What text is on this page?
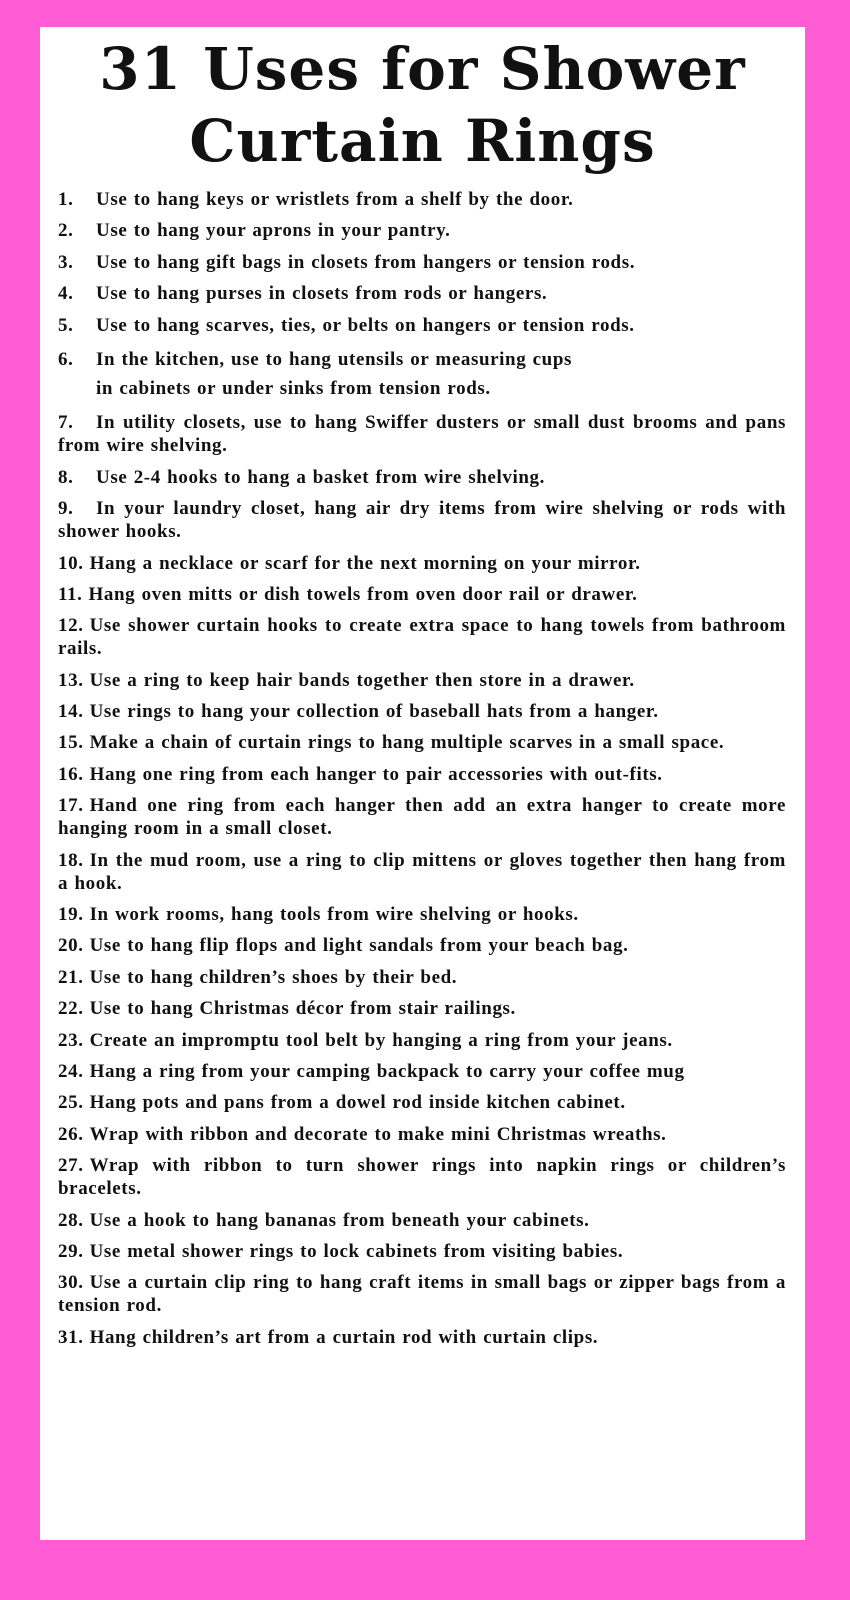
31 Uses for Shower
Curtain Rings
1. Use to hang keys or wristlets from a shelf by the door.
2. Use to hang your aprons in your pantry.
3. Use to hang gift bags in closets from hangers or tension rods.
4. Use to hang purses in closets from rods or hangers.
5. Use to hang scarves, ties, or belts on hangers or tension rods.
6. In the kitchen, use to hang utensils or measuring cups
in cabinets or under sinks from tension rods.
7. In utility closets, use to hang Swiffer dusters or small dust brooms and pans from wire shelving.
8. Use 2-4 hooks to hang a basket from wire shelving.
9. In your laundry closet, hang air dry items from wire shelving or rods with shower hooks.
10. Hang a necklace or scarf for the next morning on your mirror.
11. Hang oven mitts or dish towels from oven door rail or drawer.
12. Use shower curtain hooks to create extra space to hang towels from bathroom rails.
13. Use a ring to keep hair bands together then store in a drawer.
14. Use rings to hang your collection of baseball hats from a hanger.
15. Make a chain of curtain rings to hang multiple scarves in a small space.
16. Hang one ring from each hanger to pair accessories with out-fits.
17. Hand one ring from each hanger then add an extra hanger to create more hanging room in a small closet.
18. In the mud room, use a ring to clip mittens or gloves together then hang from a hook.
19. In work rooms, hang tools from wire shelving or hooks.
20. Use to hang flip flops and light sandals from your beach bag.
21. Use to hang children’s shoes by their bed.
22. Use to hang Christmas décor from stair railings.
23. Create an impromptu tool belt by hanging a ring from your jeans.
24. Hang a ring from your camping backpack to carry your coffee mug
25. Hang pots and pans from a dowel rod inside kitchen cabinet.
26. Wrap with ribbon and decorate to make mini Christmas wreaths.
27. Wrap with ribbon to turn shower rings into napkin rings or children’s bracelets.
28. Use a hook to hang bananas from beneath your cabinets.
29. Use metal shower rings to lock cabinets from visiting babies.
30. Use a curtain clip ring to hang craft items in small bags or zipper bags from a tension rod.
31. Hang children’s art from a curtain rod with curtain clips.
